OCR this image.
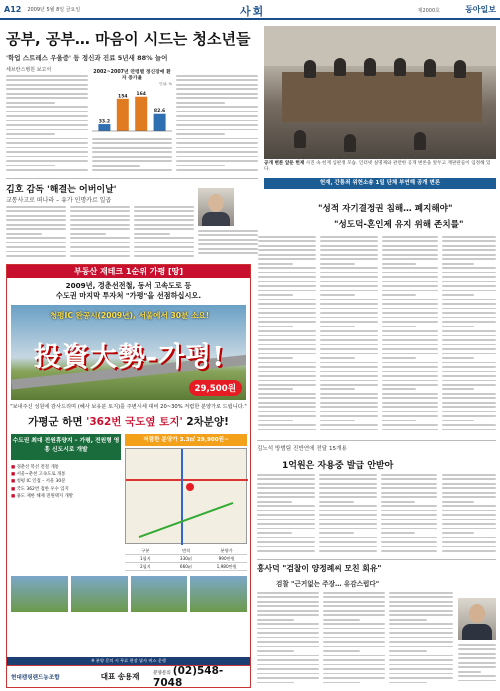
A12 2009년 5월 8일 금요일	사회	제2000호	동아일보
공부, 공부… 마음이 시드는 청소년들
'학업 스트레스 우울증' 등 정신과 진료 5년새 88% 늘어
세브란스병원 보고서	2002~2007년 연령별 정신장애 환자 증가율
단위: %
33.2
154 164
82.6
공개 변론 앞둔 헌재 사진 속 헌재 심판정 모습. 인터넷 실명제와 관련한 공개 변론을 앞두고 재판관들이 입정해 있다.
헌재, 간통죄 위헌소송 1일 단체 부연해 공개 변론
김호 감독 '해결는 어버이날'
교통사고로 떠나라 – 유가 인명카르 일곱
"성적 자기결정권 침해… 폐지해야"
"성도덕-혼인제 유지 위해 존치를"
부동산 재테크 1순위 가평 [땅]
2009년, 경춘선전철, 동서 고속도로 등
수도권 마지막 투자처 "가평"을 선점하십시오.
청평IC 완공시(2009년), 서울에서 30분 소요!
投資大勢-가평!
29,500원
"보내주신 성원에 감사드리며 (혜사 보유분 토지)를 주변시세 대비 20~30% 저렴한 분양가로 드립니다."
가평군 하면 '362번 국도옆 토지' 2차분양!
수도권 최대 전원휴양지 – 가평, 전원형 영흥 신도시로 개발
저렴한 분양가 3.3㎡ 29,900원~
■ 경춘선 복선 전철 개통
■ 서울~춘천 고속도로 개통
■ 청평 IC 인접 – 서울 30분
■ 국도 362번 접한 우수 입지
■ 용도 제한 해제 전원택지 개발
구분	면적	분양가
1필지	330㎡	990만원
2필지	660㎡	1,980만원
※ 분양 문의 시 무료 현장 답사 버스 운행
현대캠핑랜드농조합	대표 송용재	분양문의 (02)548-7048
김노석 방범팀 진반연에 전달 15개용
1억원은 자용중 발급 안받아
홍사덕 "검찰이 양정례씨 모친 회유"
검찰 "근거없는 주장… 유감스럽다"
